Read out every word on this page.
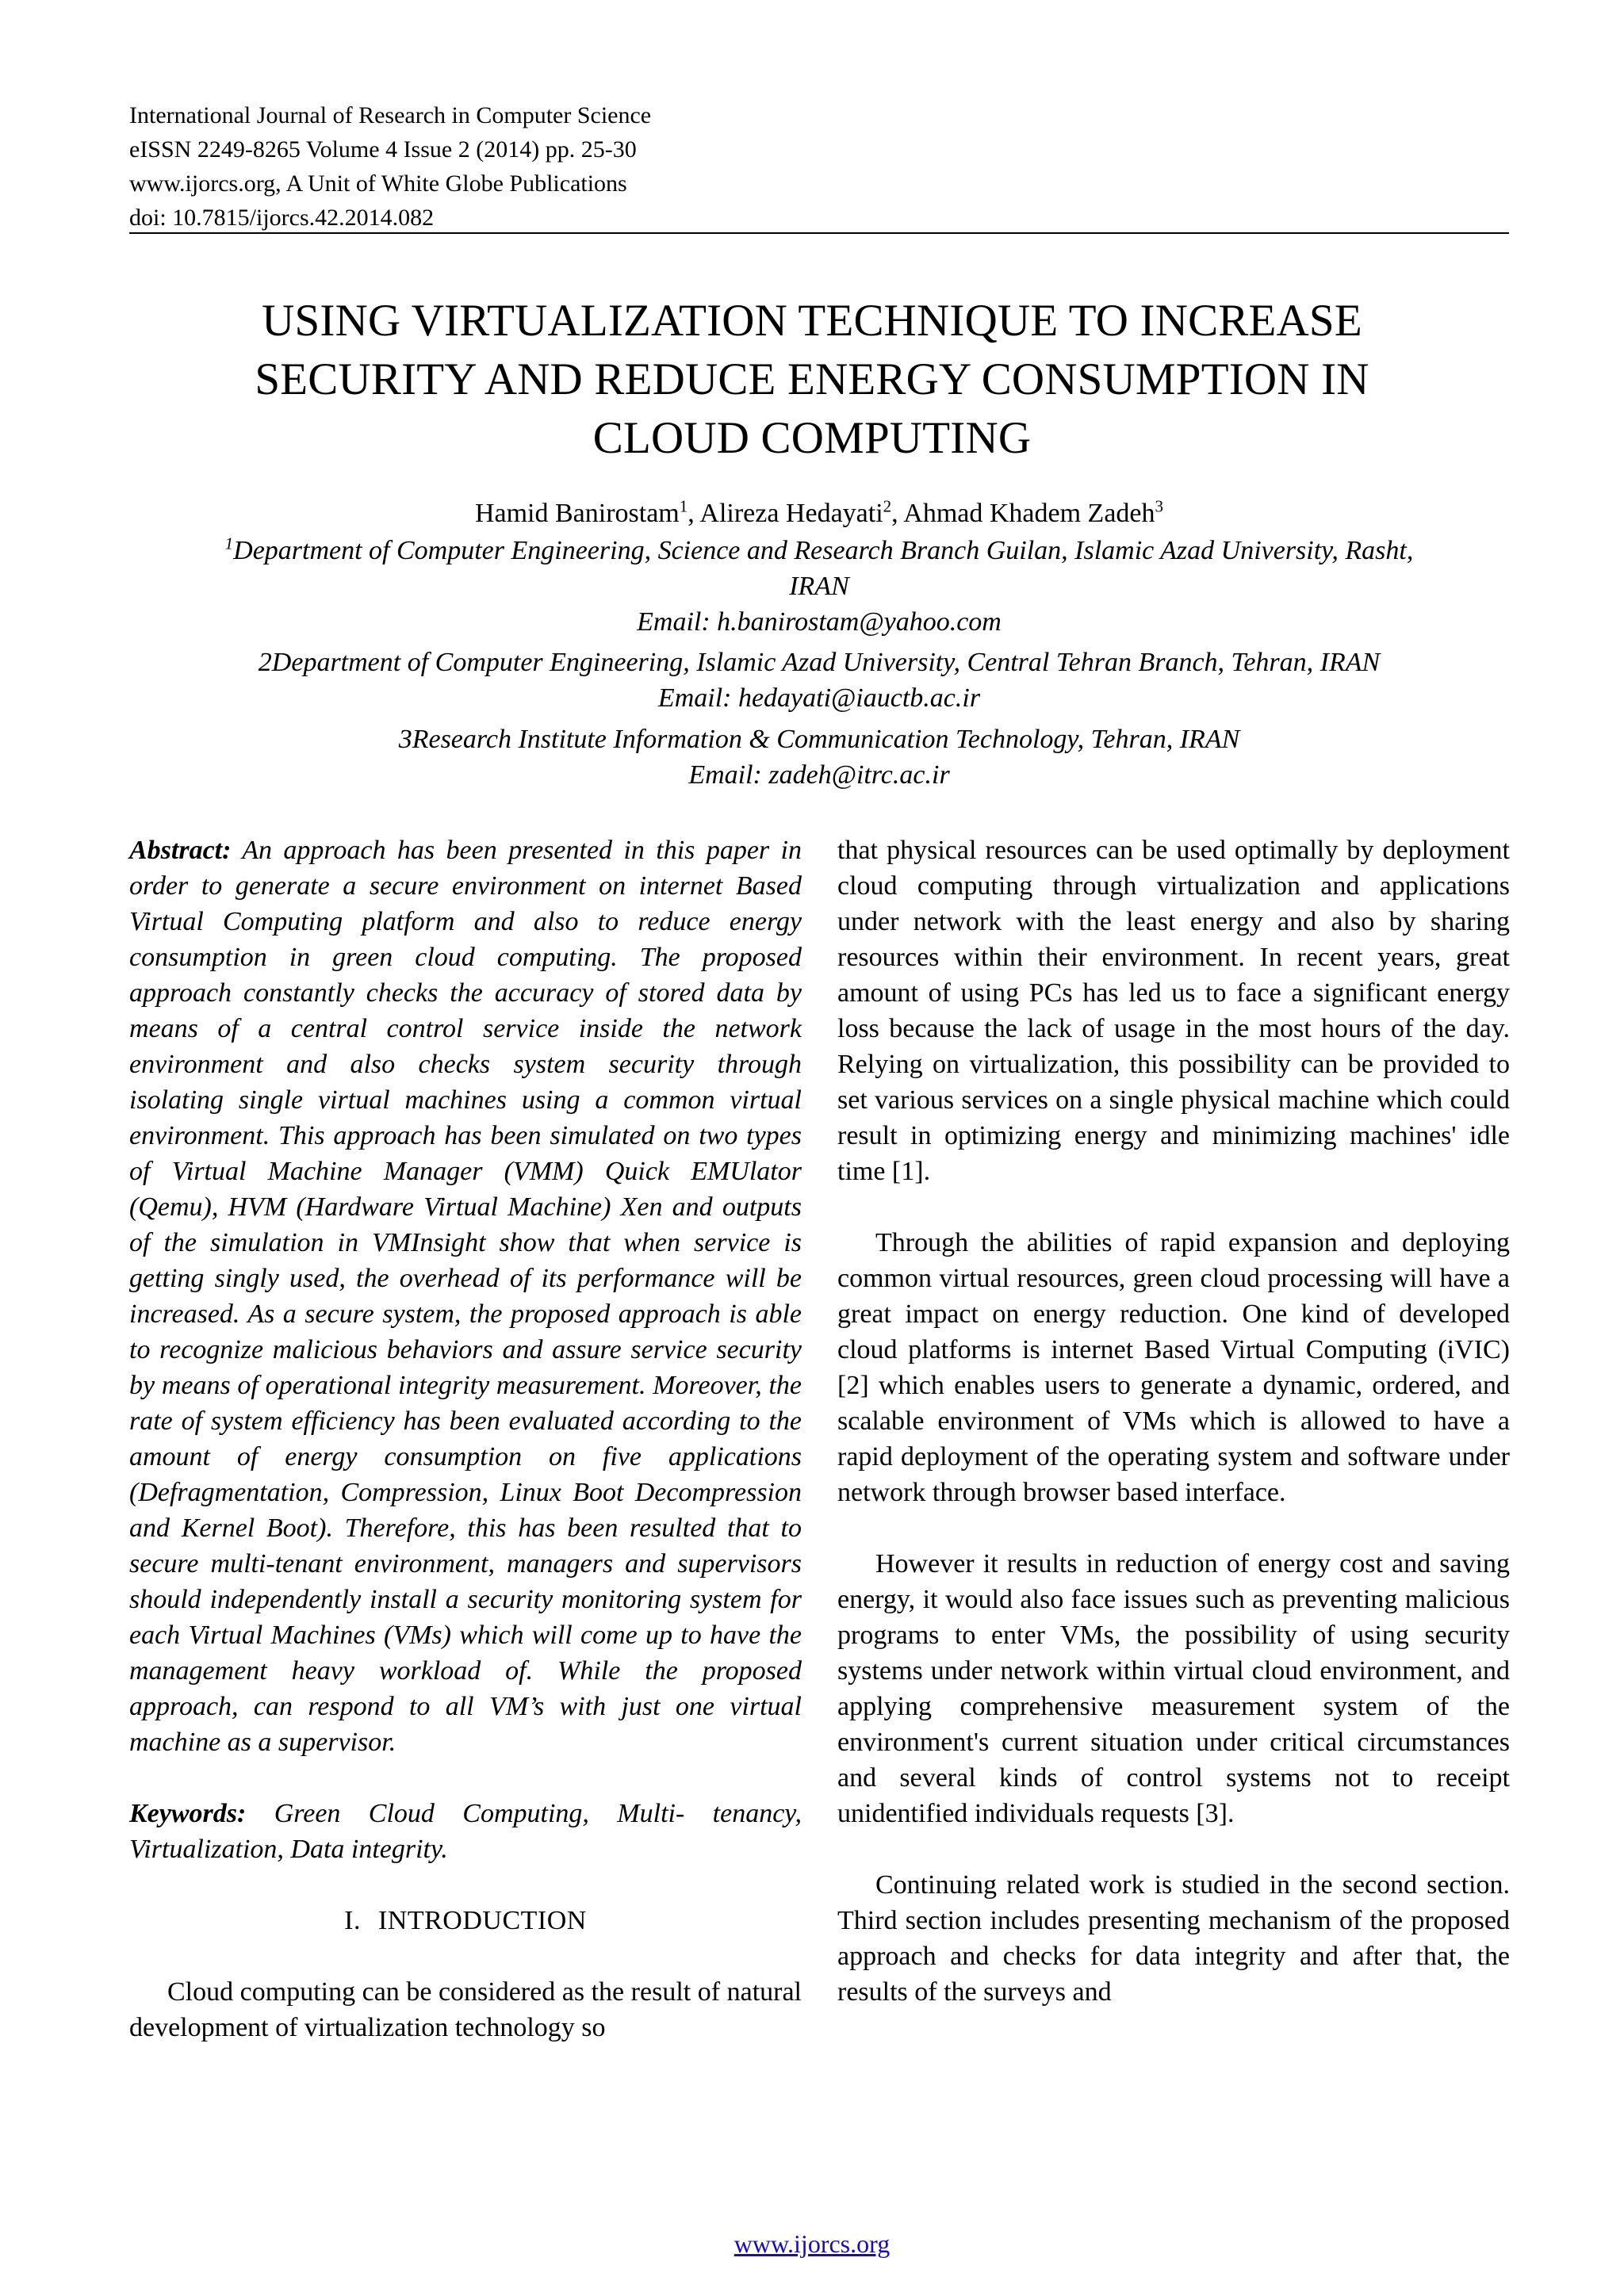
International Journal of Research in Computer Science
eISSN 2249-8265 Volume 4 Issue 2 (2014) pp. 25-30
www.ijorcs.org, A Unit of White Globe Publications
doi: 10.7815/ijorcs.42.2014.082
USING VIRTUALIZATION TECHNIQUE TO INCREASE
SECURITY AND REDUCE ENERGY CONSUMPTION IN
CLOUD COMPUTING
Hamid Banirostam$^1$, Alireza Hedayati$^2$, Ahmad Khadem Zadeh$^3$
$^1$Department of Computer Engineering, Science and Research Branch Guilan, Islamic Azad University, Rasht,
IRAN
Email: h.banirostam@yahoo.com
2Department of Computer Engineering, Islamic Azad University, Central Tehran Branch, Tehran, IRAN
Email: hedayati@iauctb.ac.ir
3Research Institute Information & Communication Technology, Tehran, IRAN
Email: zadeh@itrc.ac.ir

Abstract: An approach has been presented in this paper in order to generate a secure environment on internet Based Virtual Computing platform and also to reduce energy consumption in green cloud computing. The proposed approach constantly checks the accuracy of stored data by means of a central control service inside the network environment and also checks system security through isolating single virtual machines using a common virtual environment. This approach has been simulated on two types of Virtual Machine Manager (VMM) Quick EMUlator (Qemu), HVM (Hardware Virtual Machine) Xen and outputs of the simulation in VMInsight show that when service is getting singly used, the overhead of its performance will be increased. As a secure system, the proposed approach is able to recognize malicious behaviors and assure service security by means of operational integrity measurement. Moreover, the rate of system efficiency has been evaluated according to the amount of energy consumption on five applications (Defragmentation, Compression, Linux Boot Decompression and Kernel Boot). Therefore, this has been resulted that to secure multi-tenant environment, managers and supervisors should independently install a security monitoring system for each Virtual Machines (VMs) which will come up to have the management heavy workload of. While the proposed approach, can respond to all VM’s with just one virtual machine as a supervisor.

Keywords: Green Cloud Computing, Multi- tenancy, Virtualization, Data integrity.

I. INTRODUCTION

Cloud computing can be considered as the result of natural development of virtualization technology so

that physical resources can be used optimally by deployment cloud computing through virtualization and applications under network with the least energy and also by sharing resources within their environment. In recent years, great amount of using PCs has led us to face a significant energy loss because the lack of usage in the most hours of the day. Relying on virtualization, this possibility can be provided to set various services on a single physical machine which could result in optimizing energy and minimizing machines' idle time [1].

Through the abilities of rapid expansion and deploying common virtual resources, green cloud processing will have a great impact on energy reduction. One kind of developed cloud platforms is internet Based Virtual Computing (iVIC) [2] which enables users to generate a dynamic, ordered, and scalable environment of VMs which is allowed to have a rapid deployment of the operating system and software under network through browser based interface.

However it results in reduction of energy cost and saving energy, it would also face issues such as preventing malicious programs to enter VMs, the possibility of using security systems under network within virtual cloud environment, and applying comprehensive measurement system of the environment's current situation under critical circumstances and several kinds of control systems not to receipt unidentified individuals requests [3].

Continuing related work is studied in the second section. Third section includes presenting mechanism of the proposed approach and checks for data integrity and after that, the results of the surveys and

www.ijorcs.org
